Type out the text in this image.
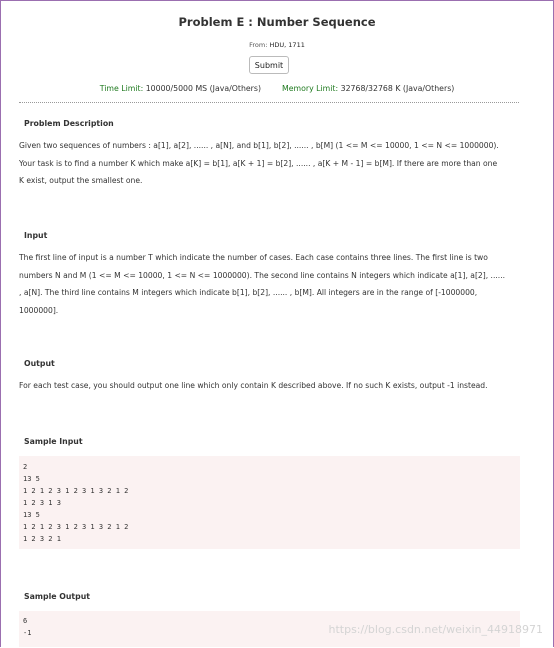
Problem E : Number Sequence
From: HDU, 1711
Submit
Time Limit: 10000/5000 MS (Java/Others)	Memory Limit: 32768/32768 K (Java/Others)
Problem Description
Given two sequences of numbers : a[1], a[2], ...... , a[N], and b[1], b[2], ...... , b[M] (1 <= M <= 10000, 1 <= N <= 1000000).
Your task is to find a number K which make a[K] = b[1], a[K + 1] = b[2], ...... , a[K + M - 1] = b[M]. If there are more than one
K exist, output the smallest one.
Input
The first line of input is a number T which indicate the number of cases. Each case contains three lines. The first line is two
numbers N and M (1 <= M <= 10000, 1 <= N <= 1000000). The second line contains N integers which indicate a[1], a[2], ......
, a[N]. The third line contains M integers which indicate b[1], b[2], ...... , b[M]. All integers are in the range of [-1000000,
1000000].
Output
For each test case, you should output one line which only contain K described above. If no such K exists, output -1 instead.
Sample Input
2
13 5
1 2 1 2 3 1 2 3 1 3 2 1 2
1 2 3 1 3
13 5
1 2 1 2 3 1 2 3 1 3 2 1 2
1 2 3 2 1
Sample Output
6
-1	https://blog.csdn.net/weixin_44918971
